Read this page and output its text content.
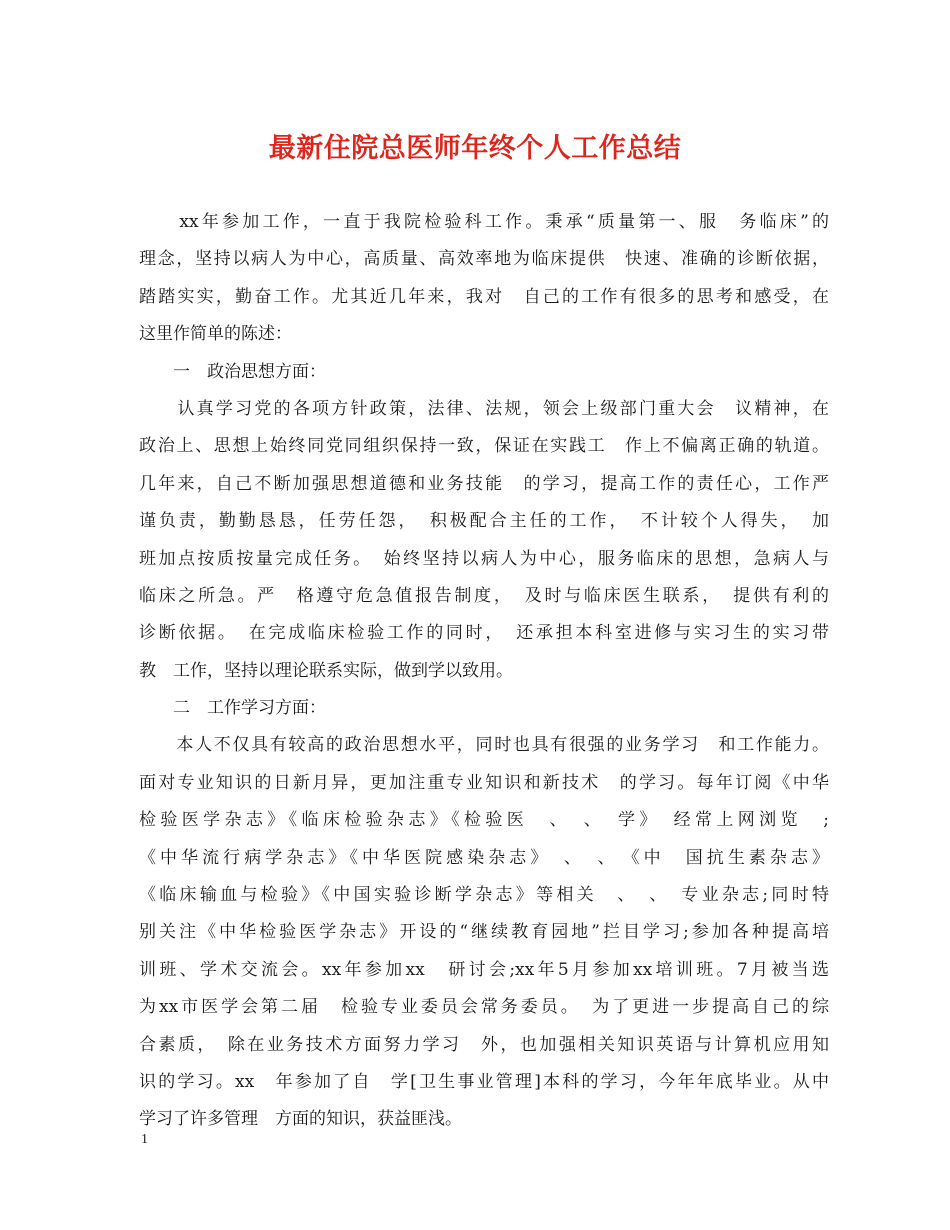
最新住院总医师年终个人工作总结
　　xx年参加工作，一直于我院检验科工作。秉承“质量第一、服　务临床”的
理念，坚持以病人为中心，高质量、高效率地为临床提供　快速、准确的诊断依据，
踏踏实实，勤奋工作。尤其近几年来，我对　自己的工作有很多的思考和感受，在
这里作简单的陈述：
　　一　政治思想方面：
　　认真学习党的各项方针政策，法律、法规，领会上级部门重大会　议精神，在
政治上、思想上始终同党同组织保持一致，保证在实践工　作上不偏离正确的轨道。
几年来，自己不断加强思想道德和业务技能　的学习，提高工作的责任心，工作严
谨负责，勤勤恳恳，任劳任怨，　积极配合主任的工作，　不计较个人得失，　加
班加点按质按量完成任务。　始终坚持以病人为中心，服务临床的思想，急病人与
临床之所急。严　格遵守危急值报告制度，　及时与临床医生联系，　提供有利的
诊断依据。　在完成临床检验工作的同时，　还承担本科室进修与实习生的实习带
教　工作，坚持以理论联系实际，做到学以致用。
　　二　工作学习方面：
　　本人不仅具有较高的政治思想水平，同时也具有很强的业务学习　和工作能力。
面对专业知识的日新月异，更加注重专业知识和新技术　的学习。每年订阅《中华
检验医学杂志》《临床检验杂志》《检验医　、　、　学》　经常上网浏览　;
《中华流行病学杂志》《中华医院感染杂志》　、　、　《中　国抗生素杂志》
《临床输血与检验》《中国实验诊断学杂志》等相关　、　、　专业杂志;同时特
别关注《中华检验医学杂志》开设的“继续教育园地”拦目学习;参加各种提高培
训班、学术交流会。xx年参加xx　研讨会;xx年5月参加xx培训班。7月被当选
为xx市医学会第二届　检验专业委员会常务委员。　为了更进一步提高自己的综
合素质，　除在业务技术方面努力学习　外，也加强相关知识英语与计算机应用知
识的学习。xx　年参加了自　学[卫生事业管理]本科的学习，今年年底毕业。从中
学习了许多管理　方面的知识，获益匪浅。
1
